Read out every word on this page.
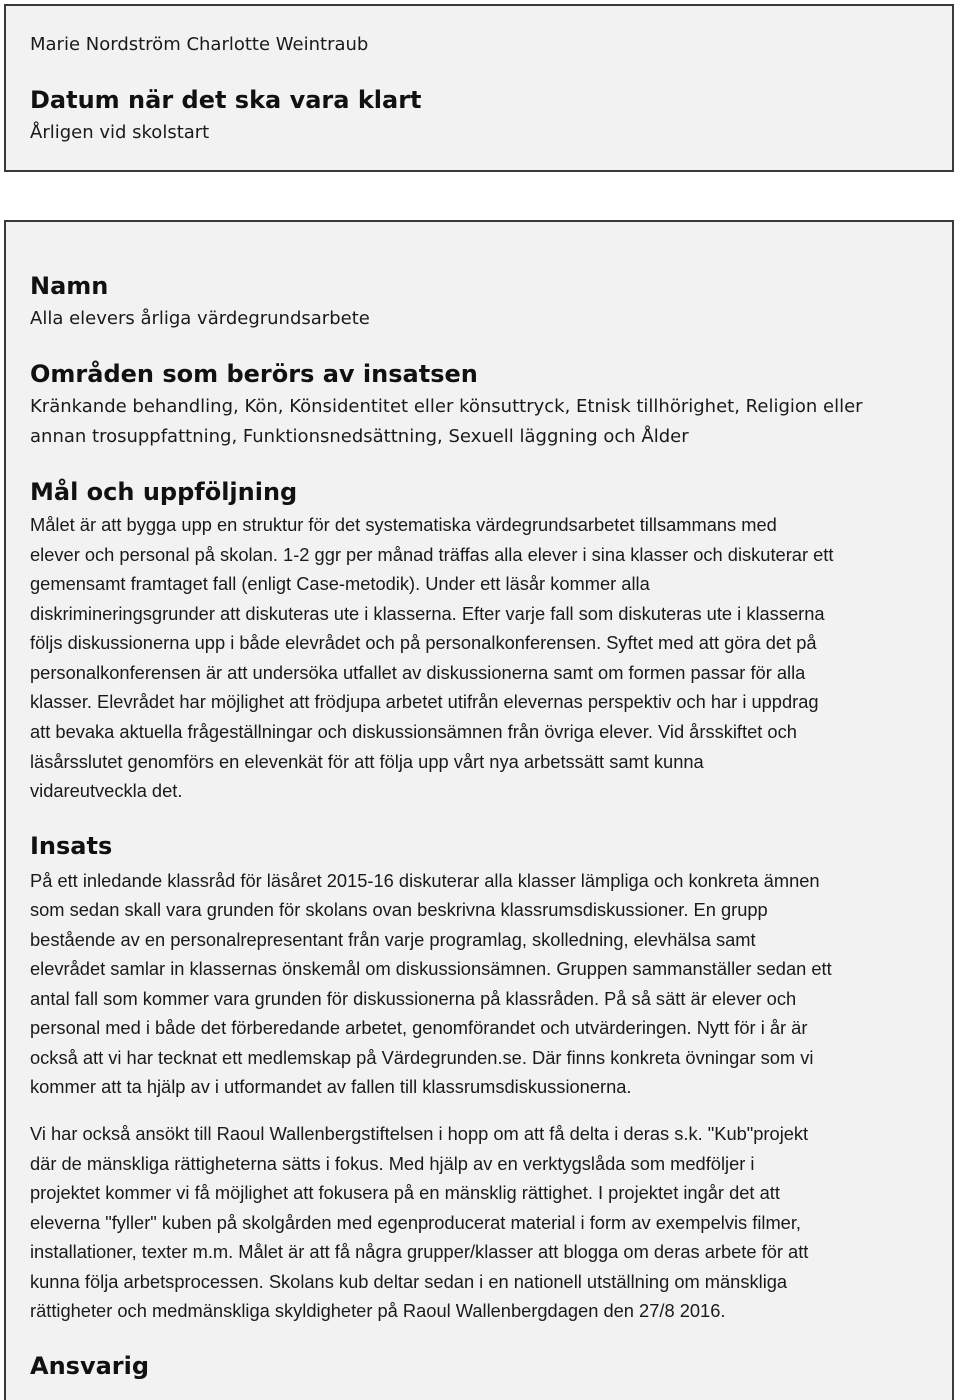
Marie Nordström Charlotte Weintraub
Datum när det ska vara klart
Årligen vid skolstart
Namn
Alla elevers årliga värdegrundsarbete
Områden som berörs av insatsen
Kränkande behandling, Kön, Könsidentitet eller könsuttryck, Etnisk tillhörighet, Religion eller
annan trosuppfattning, Funktionsnedsättning, Sexuell läggning och Ålder
Mål och uppföljning
Målet är att bygga upp en struktur för det systematiska värdegrundsarbetet tillsammans med
elever och personal på skolan. 1-2 ggr per månad träffas alla elever i sina klasser och diskuterar ett
gemensamt framtaget fall (enligt Case-metodik). Under ett läsår kommer alla
diskrimineringsgrunder att diskuteras ute i klasserna. Efter varje fall som diskuteras ute i klasserna
följs diskussionerna upp i både elevrådet och på personalkonferensen. Syftet med att göra det på
personalkonferensen är att undersöka utfallet av diskussionerna samt om formen passar för alla
klasser. Elevrådet har möjlighet att frödjupa arbetet utifrån elevernas perspektiv och har i uppdrag
att bevaka aktuella frågeställningar och diskussionsämnen från övriga elever. Vid årsskiftet och
läsårsslutet genomförs en elevenkät för att följa upp vårt nya arbetssätt samt kunna
vidareutveckla det.
Insats
På ett inledande klassråd för läsåret 2015-16 diskuterar alla klasser lämpliga och konkreta ämnen
som sedan skall vara grunden för skolans ovan beskrivna klassrumsdiskussioner. En grupp
bestående av en personalrepresentant från varje programlag, skolledning, elevhälsa samt
elevrådet samlar in klassernas önskemål om diskussionsämnen. Gruppen sammanställer sedan ett
antal fall som kommer vara grunden för diskussionerna på klassråden. På så sätt är elever och
personal med i både det förberedande arbetet, genomförandet och utvärderingen. Nytt för i år är
också att vi har tecknat ett medlemskap på Värdegrunden.se. Där finns konkreta övningar som vi
kommer att ta hjälp av i utformandet av fallen till klassrumsdiskussionerna.
Vi har också ansökt till Raoul Wallenbergstiftelsen i hopp om att få delta i deras s.k. "Kub"projekt
där de mänskliga rättigheterna sätts i fokus. Med hjälp av en verktygslåda som medföljer i
projektet kommer vi få möjlighet att fokusera på en mänsklig rättighet. I projektet ingår det att
eleverna "fyller" kuben på skolgården med egenproducerat material i form av exempelvis filmer,
installationer, texter m.m. Målet är att få några grupper/klasser att blogga om deras arbete för att
kunna följa arbetsprocessen. Skolans kub deltar sedan i en nationell utställning om mänskliga
rättigheter och medmänskliga skyldigheter på Raoul Wallenbergdagen den 27/8 2016.
Ansvarig
